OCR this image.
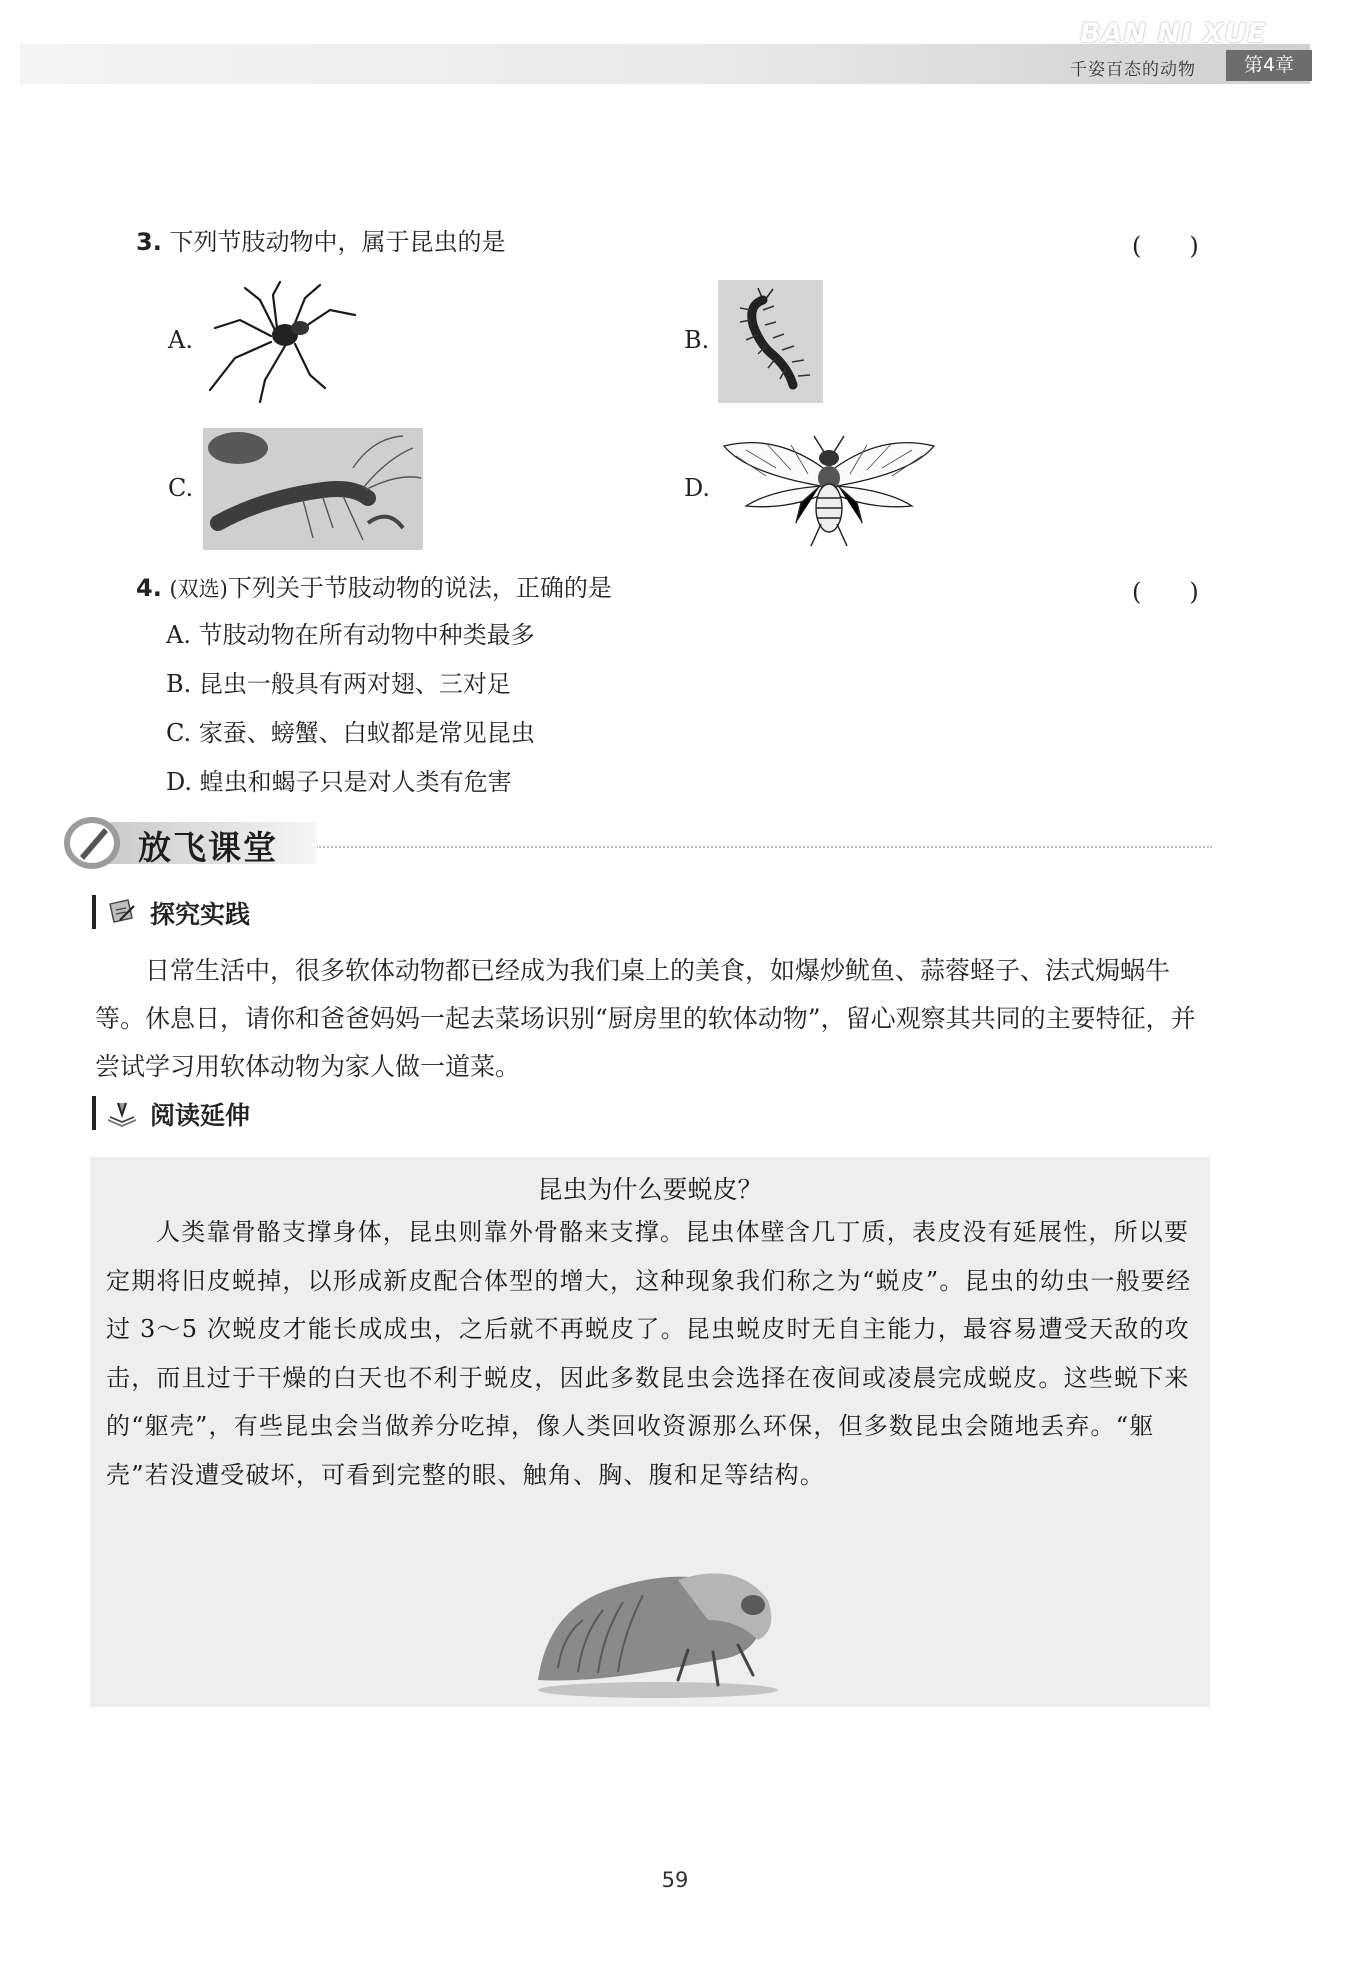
BAN NI XUE
千姿百态的动物	第4章
3. 下列节肢动物中，属于昆虫的是	(　　)
A.	B.
C.	D.
4. (双选)下列关于节肢动物的说法，正确的是	(　　)
A. 节肢动物在所有动物中种类最多
B. 昆虫一般具有两对翅、三对足
C. 家蚕、螃蟹、白蚁都是常见昆虫
D. 蝗虫和蝎子只是对人类有危害
放飞课堂
探究实践
日常生活中，很多软体动物都已经成为我们桌上的美食，如爆炒鱿鱼、蒜蓉蛏子、法式焗蜗牛等。休息日，请你和爸爸妈妈一起去菜场识别“厨房里的软体动物”，留心观察其共同的主要特征，并尝试学习用软体动物为家人做一道菜。
阅读延伸
昆虫为什么要蜕皮？
人类靠骨骼支撑身体，昆虫则靠外骨骼来支撑。昆虫体壁含几丁质，表皮没有延展性，所以要定期将旧皮蜕掉，以形成新皮配合体型的增大，这种现象我们称之为“蜕皮”。昆虫的幼虫一般要经过 3～5 次蜕皮才能长成成虫，之后就不再蜕皮了。昆虫蜕皮时无自主能力，最容易遭受天敌的攻击，而且过于干燥的白天也不利于蜕皮，因此多数昆虫会选择在夜间或凌晨完成蜕皮。这些蜕下来的“躯壳”，有些昆虫会当做养分吃掉，像人类回收资源那么环保，但多数昆虫会随地丢弃。“躯壳”若没遭受破坏，可看到完整的眼、触角、胸、腹和足等结构。
59
